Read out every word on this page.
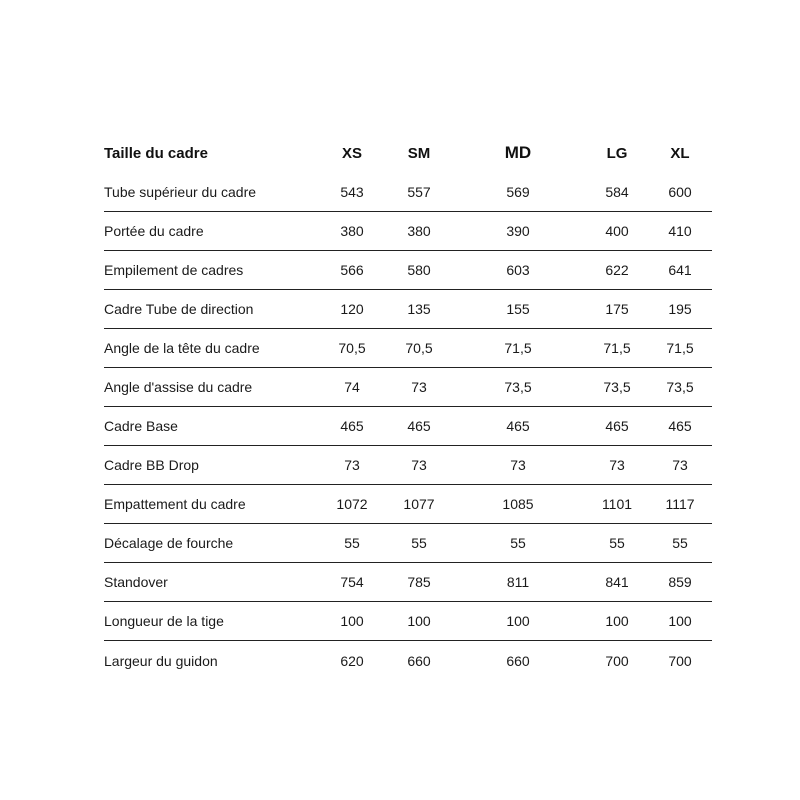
Taille du cadre	XS	SM	MD	LG	XL
Tube supérieur du cadre	543	557	569	584	600
Portée du cadre	380	380	390	400	410
Empilement de cadres	566	580	603	622	641
Cadre Tube de direction	120	135	155	175	195
Angle de la tête du cadre	70,5	70,5	71,5	71,5	71,5
Angle d'assise du cadre	74	73	73,5	73,5	73,5
Cadre Base	465	465	465	465	465
Cadre BB Drop	73	73	73	73	73
Empattement du cadre	1072	1077	1085	1101	1117
Décalage de fourche	55	55	55	55	55
Standover	754	785	811	841	859
Longueur de la tige	100	100	100	100	100
Largeur du guidon	620	660	660	700	700
